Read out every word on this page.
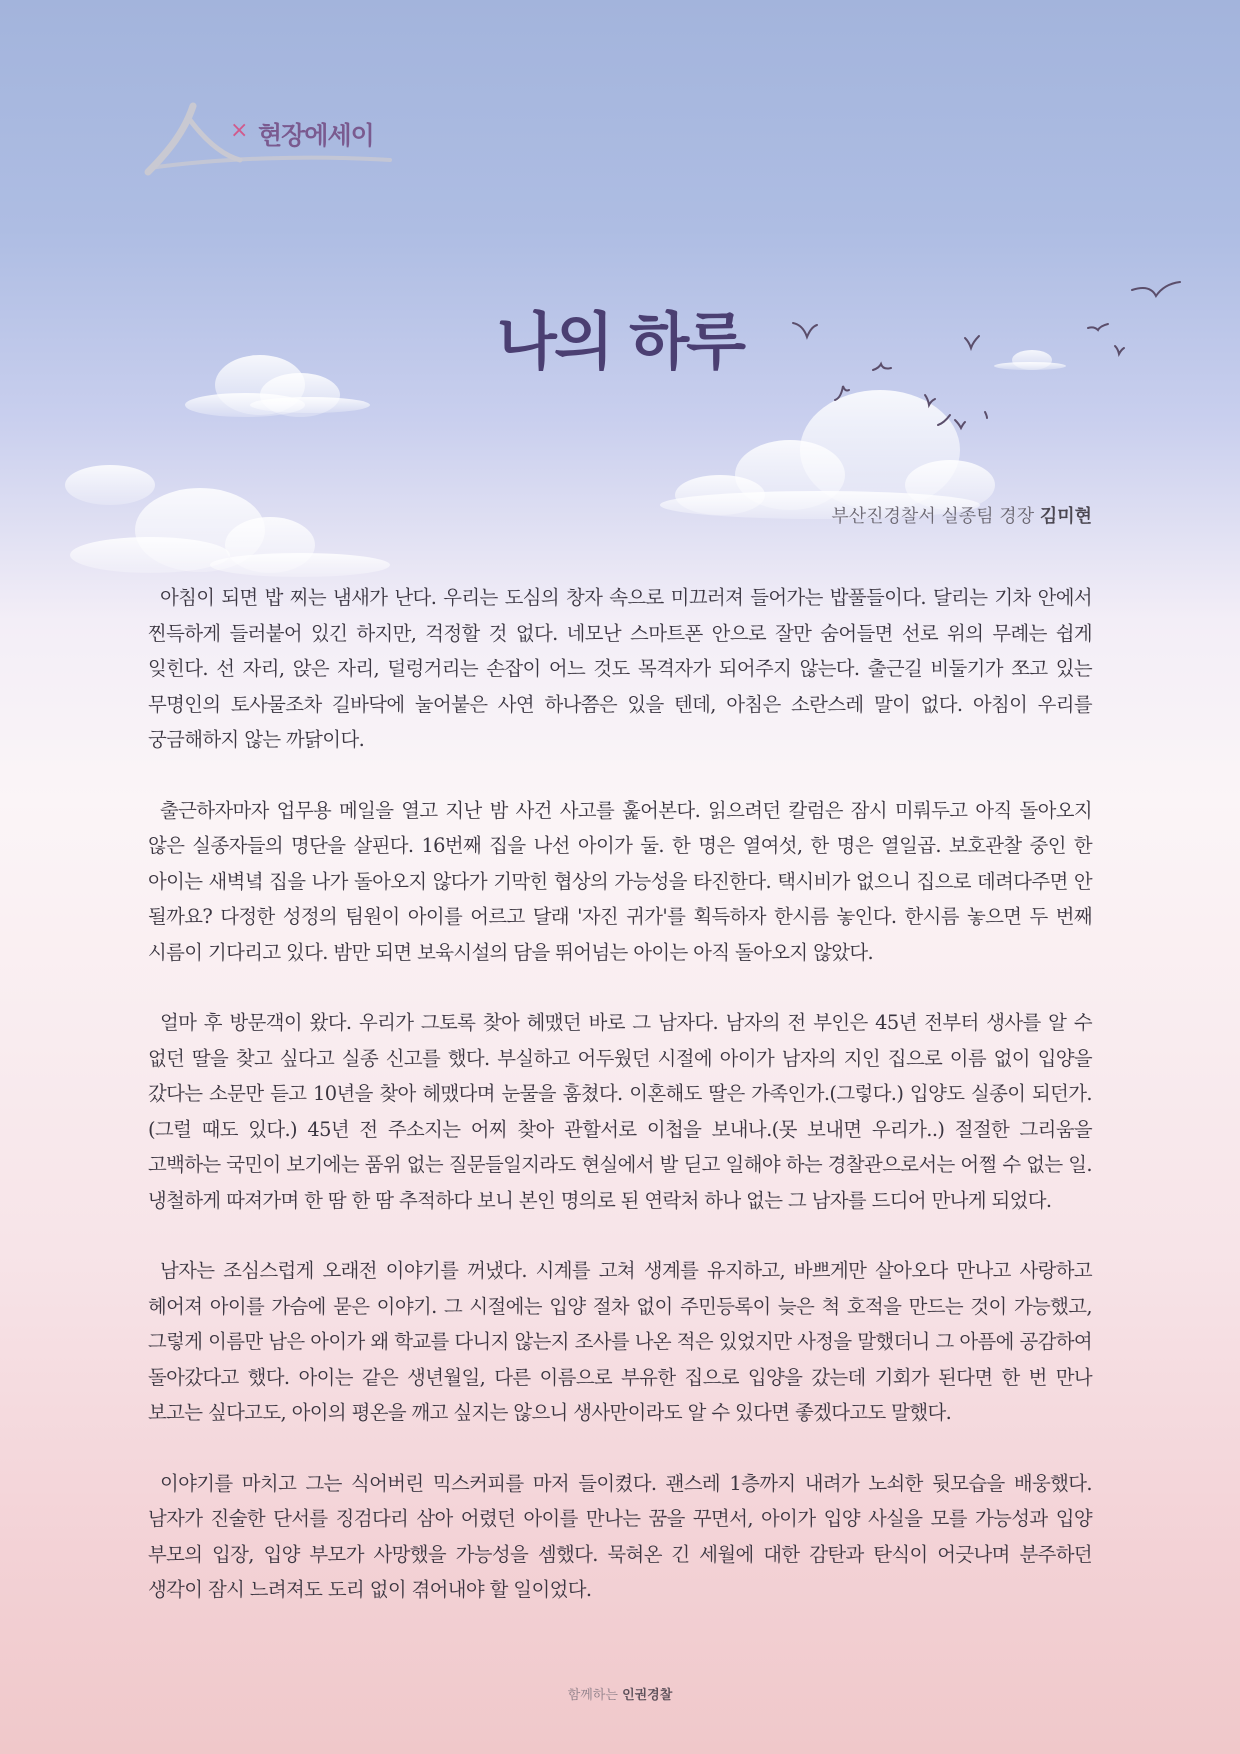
× 현장에세이
나의 하루
부산진경찰서 실종팀 경장 김미현

아침이 되면 밥 찌는 냄새가 난다. 우리는 도심의 창자 속으로 미끄러져 들어가는 밥풀들이다. 달리는 기차 안에서 찐득하게 들러붙어 있긴 하지만, 걱정할 것 없다. 네모난 스마트폰 안으로 잘만 숨어들면 선로 위의 무례는 쉽게 잊힌다. 선 자리, 앉은 자리, 덜렁거리는 손잡이 어느 것도 목격자가 되어주지 않는다. 출근길 비둘기가 쪼고 있는 무명인의 토사물조차 길바닥에 눌어붙은 사연 하나쯤은 있을 텐데, 아침은 소란스레 말이 없다. 아침이 우리를 궁금해하지 않는 까닭이다.

출근하자마자 업무용 메일을 열고 지난 밤 사건 사고를 훑어본다. 읽으려던 칼럼은 잠시 미뤄두고 아직 돌아오지 않은 실종자들의 명단을 살핀다. 16번째 집을 나선 아이가 둘. 한 명은 열여섯, 한 명은 열일곱. 보호관찰 중인 한 아이는 새벽녘 집을 나가 돌아오지 않다가 기막힌 협상의 가능성을 타진한다. 택시비가 없으니 집으로 데려다주면 안 될까요? 다정한 성정의 팀원이 아이를 어르고 달래 '자진 귀가'를 획득하자 한시름 놓인다. 한시름 놓으면 두 번째 시름이 기다리고 있다. 밤만 되면 보육시설의 담을 뛰어넘는 아이는 아직 돌아오지 않았다.

얼마 후 방문객이 왔다. 우리가 그토록 찾아 헤맸던 바로 그 남자다. 남자의 전 부인은 45년 전부터 생사를 알 수 없던 딸을 찾고 싶다고 실종 신고를 했다. 부실하고 어두웠던 시절에 아이가 남자의 지인 집으로 이름 없이 입양을 갔다는 소문만 듣고 10년을 찾아 헤맸다며 눈물을 훔쳤다. 이혼해도 딸은 가족인가.(그렇다.) 입양도 실종이 되던가.(그럴 때도 있다.) 45년 전 주소지는 어찌 찾아 관할서로 이첩을 보내나.(못 보내면 우리가..) 절절한 그리움을 고백하는 국민이 보기에는 품위 없는 질문들일지라도 현실에서 발 딛고 일해야 하는 경찰관으로서는 어쩔 수 없는 일. 냉철하게 따져가며 한 땀 한 땀 추적하다 보니 본인 명의로 된 연락처 하나 없는 그 남자를 드디어 만나게 되었다.

남자는 조심스럽게 오래전 이야기를 꺼냈다. 시계를 고쳐 생계를 유지하고, 바쁘게만 살아오다 만나고 사랑하고 헤어져 아이를 가슴에 묻은 이야기. 그 시절에는 입양 절차 없이 주민등록이 늦은 척 호적을 만드는 것이 가능했고, 그렇게 이름만 남은 아이가 왜 학교를 다니지 않는지 조사를 나온 적은 있었지만 사정을 말했더니 그 아픔에 공감하여 돌아갔다고 했다. 아이는 같은 생년월일, 다른 이름으로 부유한 집으로 입양을 갔는데 기회가 된다면 한 번 만나 보고는 싶다고도, 아이의 평온을 깨고 싶지는 않으니 생사만이라도 알 수 있다면 좋겠다고도 말했다.

이야기를 마치고 그는 식어버린 믹스커피를 마저 들이켰다. 괜스레 1층까지 내려가 노쇠한 뒷모습을 배웅했다. 남자가 진술한 단서를 징검다리 삼아 어렸던 아이를 만나는 꿈을 꾸면서, 아이가 입양 사실을 모를 가능성과 입양 부모의 입장, 입양 부모가 사망했을 가능성을 셈했다. 묵혀온 긴 세월에 대한 감탄과 탄식이 어긋나며 분주하던 생각이 잠시 느려져도 도리 없이 겪어내야 할 일이었다.

함께하는 인권경찰
